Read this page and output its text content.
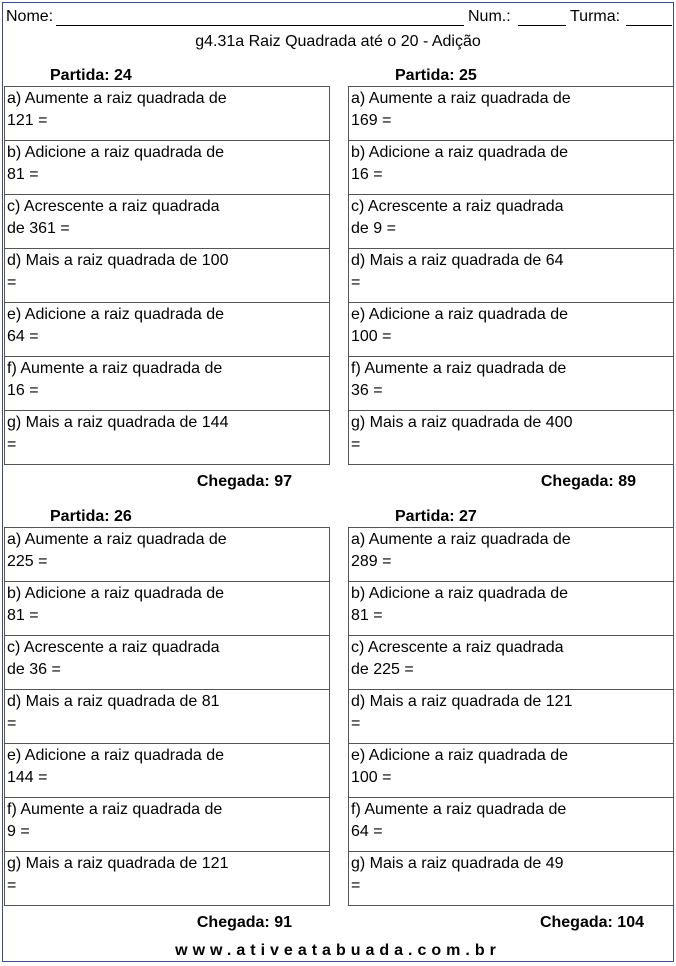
Nome:	Num.:	Turma:
g4.31a Raiz Quadrada até o 20 - Adição
Partida: 24
a) Aumente a raiz quadrada de
121 =
b) Adicione a raiz quadrada de
81 =
c) Acrescente a raiz quadrada
de 361 =
d) Mais a raiz quadrada de 100
=
e) Adicione a raiz quadrada de
64 =
f) Aumente a raiz quadrada de
16 =
g) Mais a raiz quadrada de 144
=
Chegada: 97
Partida: 25
a) Aumente a raiz quadrada de
169 =
b) Adicione a raiz quadrada de
16 =
c) Acrescente a raiz quadrada
de 9 =
d) Mais a raiz quadrada de 64
=
e) Adicione a raiz quadrada de
100 =
f) Aumente a raiz quadrada de
36 =
g) Mais a raiz quadrada de 400
=
Chegada: 89
Partida: 26
a) Aumente a raiz quadrada de
225 =
b) Adicione a raiz quadrada de
81 =
c) Acrescente a raiz quadrada
de 36 =
d) Mais a raiz quadrada de 81
=
e) Adicione a raiz quadrada de
144 =
f) Aumente a raiz quadrada de
9 =
g) Mais a raiz quadrada de 121
=
Chegada: 91
Partida: 27
a) Aumente a raiz quadrada de
289 =
b) Adicione a raiz quadrada de
81 =
c) Acrescente a raiz quadrada
de 225 =
d) Mais a raiz quadrada de 121
=
e) Adicione a raiz quadrada de
100 =
f) Aumente a raiz quadrada de
64 =
g) Mais a raiz quadrada de 49
=
Chegada: 104
www.ativeatabuada.com.br
